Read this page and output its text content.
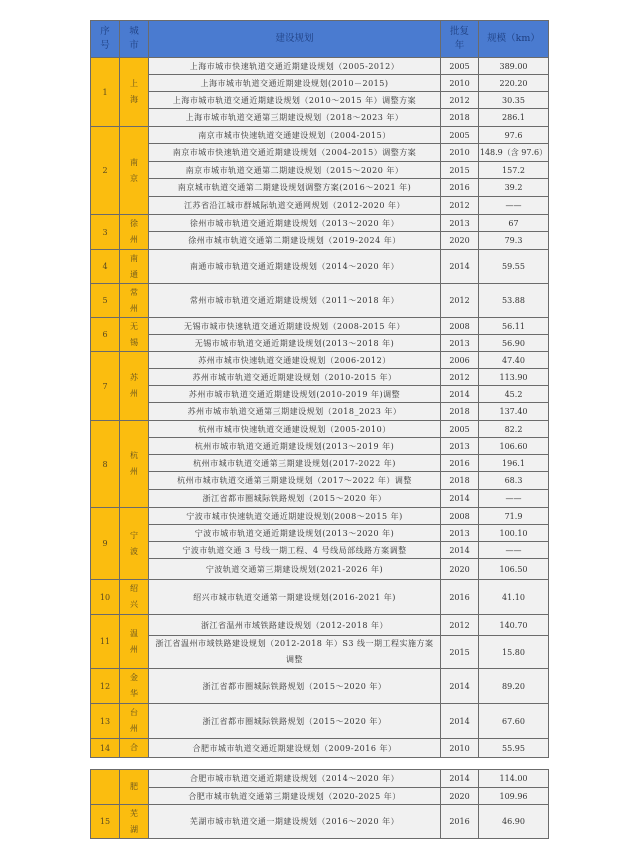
序号	城市	建设规划	批复年	规模（km）
1	上海	上海市城市快速轨道交通近期建设规划（2005-2012）	2005	389.00
		上海市城市轨道交通近期建设规划(2010－2015)	2010	220.20
		上海市城市轨道交通近期建设规划（2010～2015 年）调整方案	2012	30.35
		上海市城市轨道交通第三期建设规划（2018～2023 年）	2018	286.1
2	南京	南京市城市快速轨道交通建设规划（2004-2015）	2005	97.6
		南京市城市快速轨道交通近期建设规划（2004-2015）调整方案	2010	148.9（含 97.6）
		南京市城市轨道交通第二期建设规划（2015～2020 年）	2015	157.2
		南京城市轨道交通第二期建设规划调整方案(2016～2021 年)	2016	39.2
		江苏省沿江城市群城际轨道交通网规划（2012-2020 年）	2012	——
3	徐州	徐州市城市轨道交通近期建设规划（2013～2020 年）	2013	67
		徐州市城市轨道交通第二期建设规划（2019-2024 年）	2020	79.3
4	南通	南通市城市轨道交通近期建设规划（2014～2020 年）	2014	59.55
5	常州	常州市城市轨道交通近期建设规划（2011～2018 年）	2012	53.88
6	无锡	无锡市城市快速轨道交通近期建设规划（2008-2015 年）	2008	56.11
		无锡市城市轨道交通近期建设规划(2013～2018 年)	2013	56.90
7	苏州	苏州市城市快速轨道交通建设规划（2006-2012）	2006	47.40
		苏州市城市轨道交通近期建设规划（2010-2015 年）	2012	113.90
		苏州市城市轨道交通近期建设规划(2010-2019 年)调整	2014	45.2
		苏州市城市轨道交通第三期建设规划（2018_2023 年）	2018	137.40
8	杭州	杭州市城市快速轨道交通建设规划（2005-2010）	2005	82.2
		杭州市城市轨道交通近期建设规划(2013～2019 年)	2013	106.60
		杭州市城市轨道交通第三期建设规划(2017-2022 年)	2016	196.1
		杭州市城市轨道交通第三期建设规划（2017～2022 年）调整	2018	68.3
		浙江省都市圈城际铁路规划（2015～2020 年）	2014	——
9	宁波	宁波市城市快速轨道交通近期建设规划(2008～2015 年)	2008	71.9
		宁波市城市轨道交通近期建设规划(2013～2020 年)	2013	100.10
		宁波市轨道交通 3 号线一期工程、4 号线局部线路方案调整	2014	——
		宁波轨道交通第三期建设规划(2021-2026 年)	2020	106.50
10	绍兴	绍兴市城市轨道交通第一期建设规划(2016-2021 年)	2016	41.10
11	温州	浙江省温州市域铁路建设规划（2012-2018 年）	2012	140.70
		浙江省温州市域铁路建设规划（2012-2018 年）S3 线一期工程实施方案调整	2015	15.80
12	金华	浙江省都市圈城际铁路规划（2015～2020 年）	2014	89.20
13	台州	浙江省都市圈城际铁路规划（2015～2020 年）	2014	67.60
14	合	合肥市城市轨道交通近期建设规划（2009-2016 年）	2010	55.95
	肥	合肥市城市轨道交通近期建设规划（2014～2020 年）	2014	114.00
		合肥市城市轨道交通第三期建设规划（2020-2025 年）	2020	109.96
15	芜湖	芜湖市城市轨道交通一期建设规划（2016～2020 年）	2016	46.90
